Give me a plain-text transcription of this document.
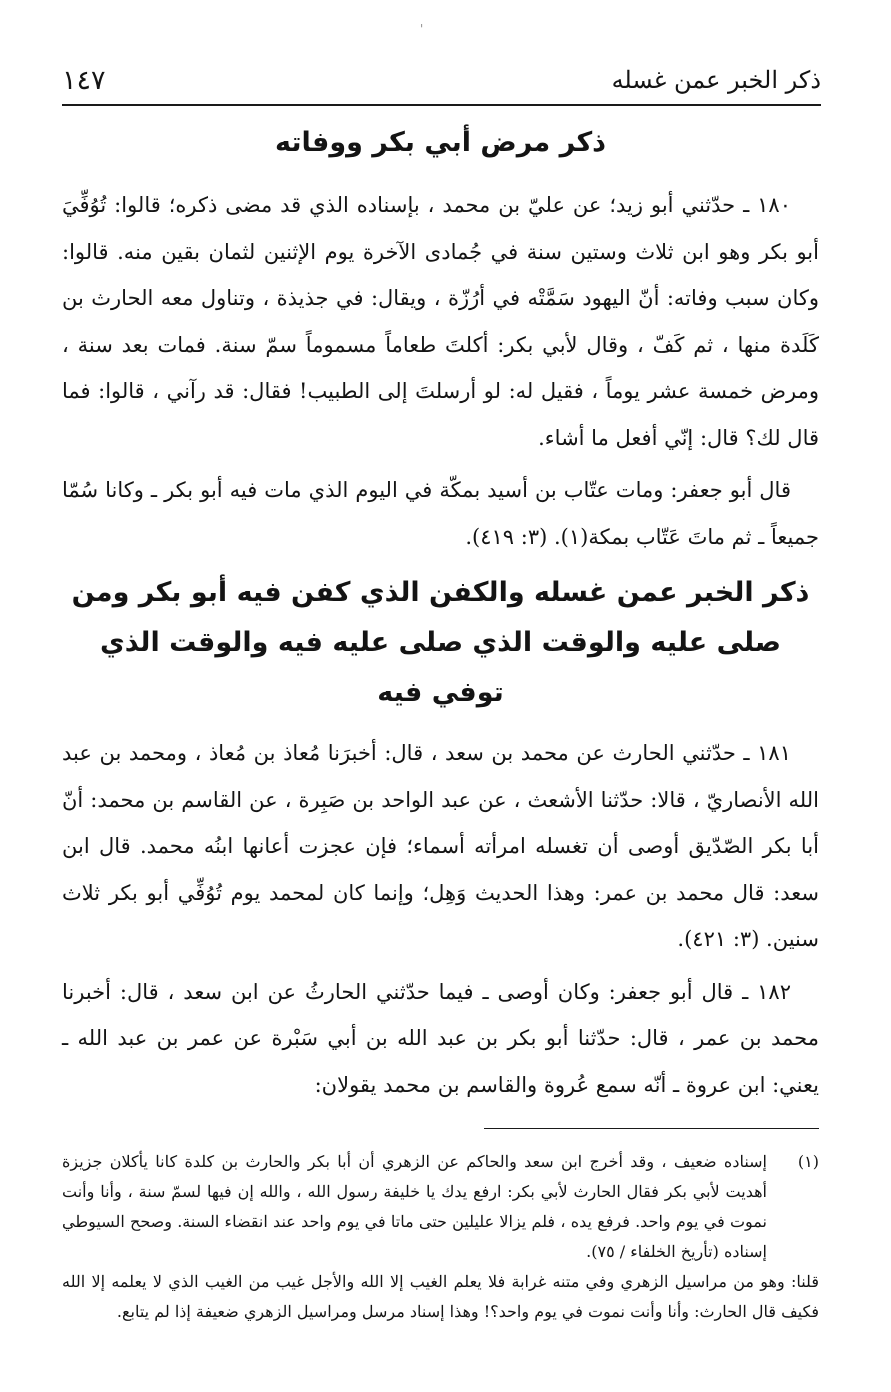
'
ذكر الخبر عمن غسله
١٤٧
ذكر مرض أبي بكر ووفاته

١٨٠ ـ حدّثني أبو زيد؛ عن عليّ بن محمد ، بإسناده الذي قد مضى ذكره؛ قالوا: تُوُفِّيَ أبو بكر وهو ابن ثلاث وستين سنة في جُمادى الآخرة يوم الإثنين لثمان بقين منه. قالوا: وكان سبب وفاته: أنّ اليهود سَمَّتْه في أرُزّة ، ويقال: في جذيذة ، وتناول معه الحارث بن كَلَدة منها ، ثم كَفّ ، وقال لأبي بكر: أكلتَ طعاماً مسموماً سمّ سنة. فمات بعد سنة ، ومرض خمسة عشر يوماً ، فقيل له: لو أرسلتَ إلى الطبيب! فقال: قد رآني ، قالوا: فما قال لك؟ قال: إنّي أفعل ما أشاء.

قال أبو جعفر: ومات عتّاب بن أسيد بمكّة في اليوم الذي مات فيه أبو بكر ـ وكانا سُمّا جميعاً ـ ثم ماتَ عَتّاب بمكة(١). (٣: ٤١٩).

ذكر الخبر عمن غسله والكفن الذي كفن فيه أبو بكر ومن صلى عليه والوقت الذي صلى عليه فيه والوقت الذي توفي فيه

١٨١ ـ حدّثني الحارث عن محمد بن سعد ، قال: أخبرَنا مُعاذ بن مُعاذ ، ومحمد بن عبد الله الأنصاريّ ، قالا: حدّثنا الأشعث ، عن عبد الواحد بن صَبِرة ، عن القاسم بن محمد: أنّ أبا بكر الصّدّيق أوصى أن تغسله امرأته أسماء؛ فإن عجزت أعانها ابنُه محمد. قال ابن سعد: قال محمد بن عمر: وهذا الحديث وَهِل؛ وإنما كان لمحمد يوم تُوُفِّي أبو بكر ثلاث سنين. (٣: ٤٢١).

١٨٢ ـ قال أبو جعفر: وكان أوصى ـ فيما حدّثني الحارثُ عن ابن سعد ، قال: أخبرنا محمد بن عمر ، قال: حدّثنا أبو بكر بن عبد الله بن أبي سَبْرة عن عمر بن عبد الله ـ يعني: ابن عروة ـ أنّه سمع عُروة والقاسم بن محمد يقولان:

(١)
إسناده ضعيف ، وقد أخرج ابن سعد والحاكم عن الزهري أن أبا بكر والحارث بن كلدة كانا يأكلان جزيزة أهديت لأبي بكر فقال الحارث لأبي بكر: ارفع يدك يا خليفة رسول الله ، والله إن فيها لسمّ سنة ، وأنا وأنت نموت في يوم واحد. فرفع يده ، فلم يزالا عليلين حتى ماتا في يوم واحد عند انقضاء السنة. وصحح السيوطي إسناده (تأريخ الخلفاء / ٧٥).
قلنا: وهو من مراسيل الزهري وفي متنه غرابة فلا يعلم الغيب إلا الله والأجل غيب من الغيب الذي لا يعلمه إلا الله فكيف قال الحارث: وأنا وأنت نموت في يوم واحد؟! وهذا إسناد مرسل ومراسيل الزهري ضعيفة إذا لم يتابع.
